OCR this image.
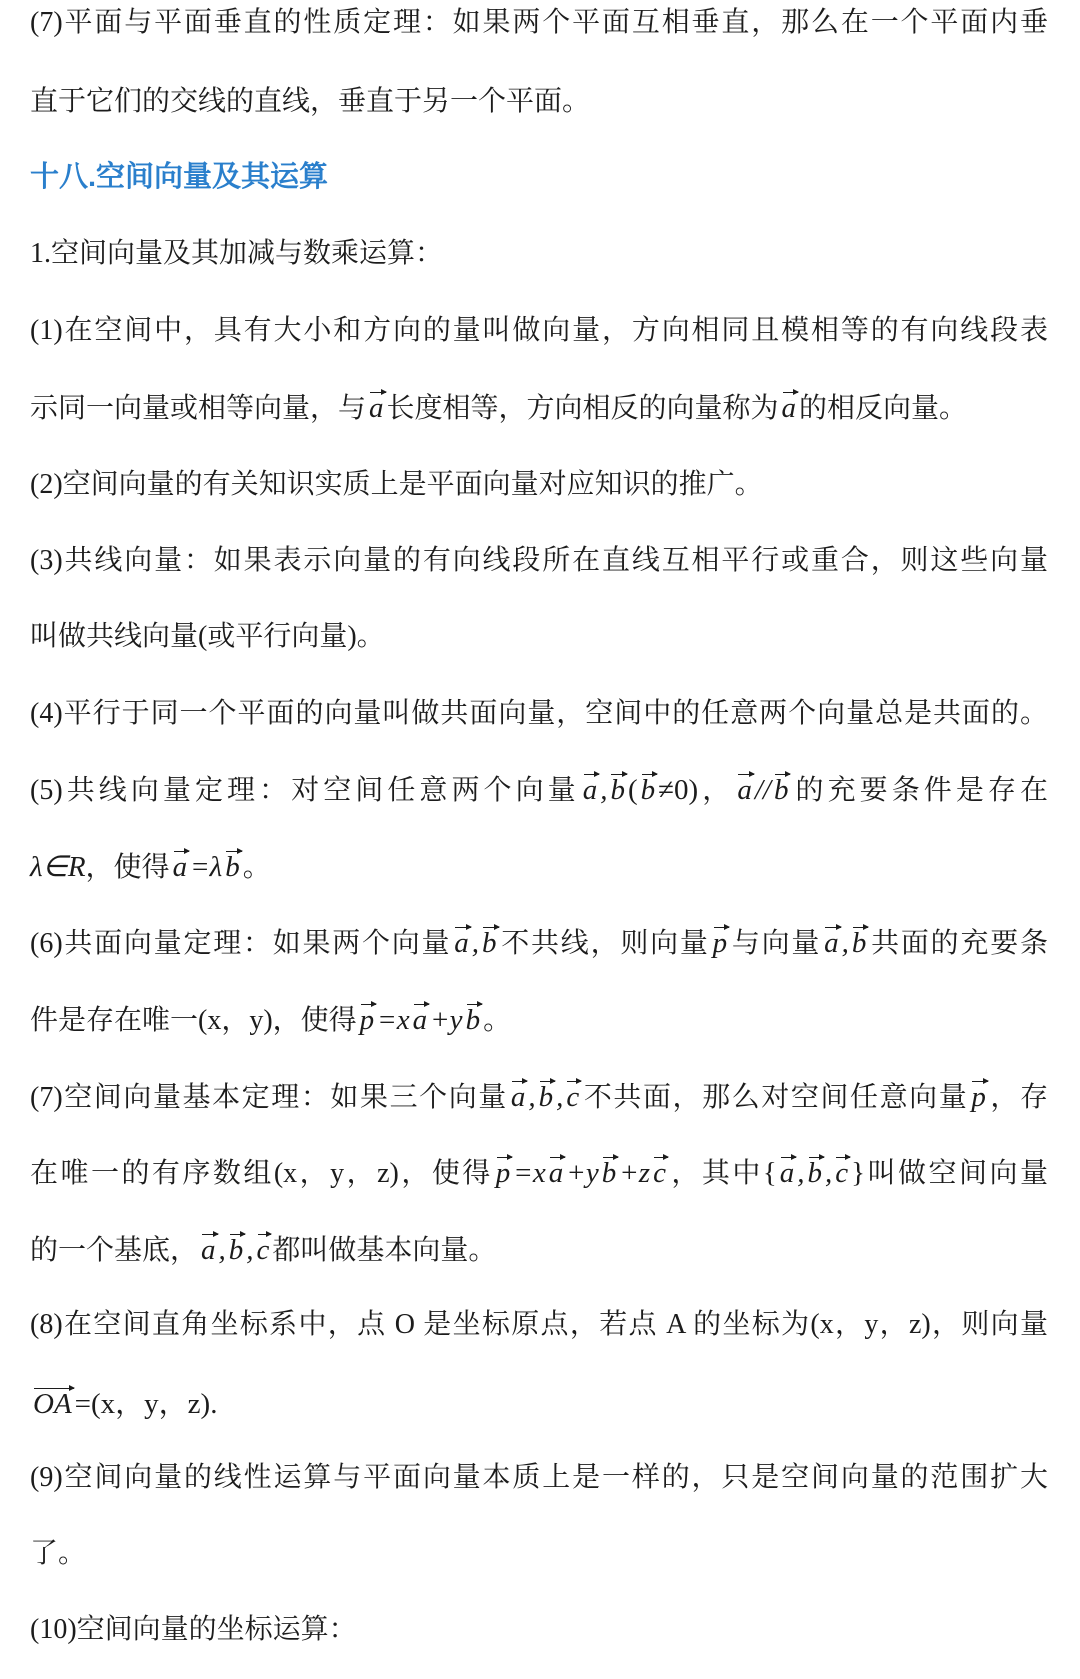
(7)平面与平面垂直的性质定理：如果两个平面互相垂直，那么在一个平面内垂
直于它们的交线的直线，垂直于另一个平面。
十八.空间向量及其运算
1.空间向量及其加减与数乘运算：
(1)在空间中，具有大小和方向的量叫做向量，方向相同且模相等的有向线段表
示同一向量或相等向量，与 a 长度相等，方向相反的向量称为 a 的相反向量。
(2)空间向量的有关知识实质上是平面向量对应知识的推广。
(3)共线向量：如果表示向量的有向线段所在直线互相平行或重合，则这些向量
叫做共线向量(或平行向量)。
(4)平行于同一个平面的向量叫做共面向量，空间中的任意两个向量总是共面的。
(5)共线向量定理：对空间任意两个向量 a , b ( b ≠0)， a // b 的充要条件是存在
λ∈R，使得 a =λ b 。
(6)共面向量定理：如果两个向量 a , b 不共线，则向量 p 与向量 a , b 共面的充要条
件是存在唯一(x，y)，使得 p =x a +y b 。
(7)空间向量基本定理：如果三个向量 a , b , c 不共面，那么对空间任意向量 p ，存
在唯一的有序数组(x，y，z)，使得 p =x a +y b +z c ，其中{ a , b , c }叫做空间向量
的一个基底， a , b , c 都叫做基本向量。
(8)在空间直角坐标系中，点 O 是坐标原点，若点 A 的坐标为(x，y，z)，则向量
OA =(x，y，z).
(9)空间向量的线性运算与平面向量本质上是一样的，只是空间向量的范围扩大
了。
(10)空间向量的坐标运算：
